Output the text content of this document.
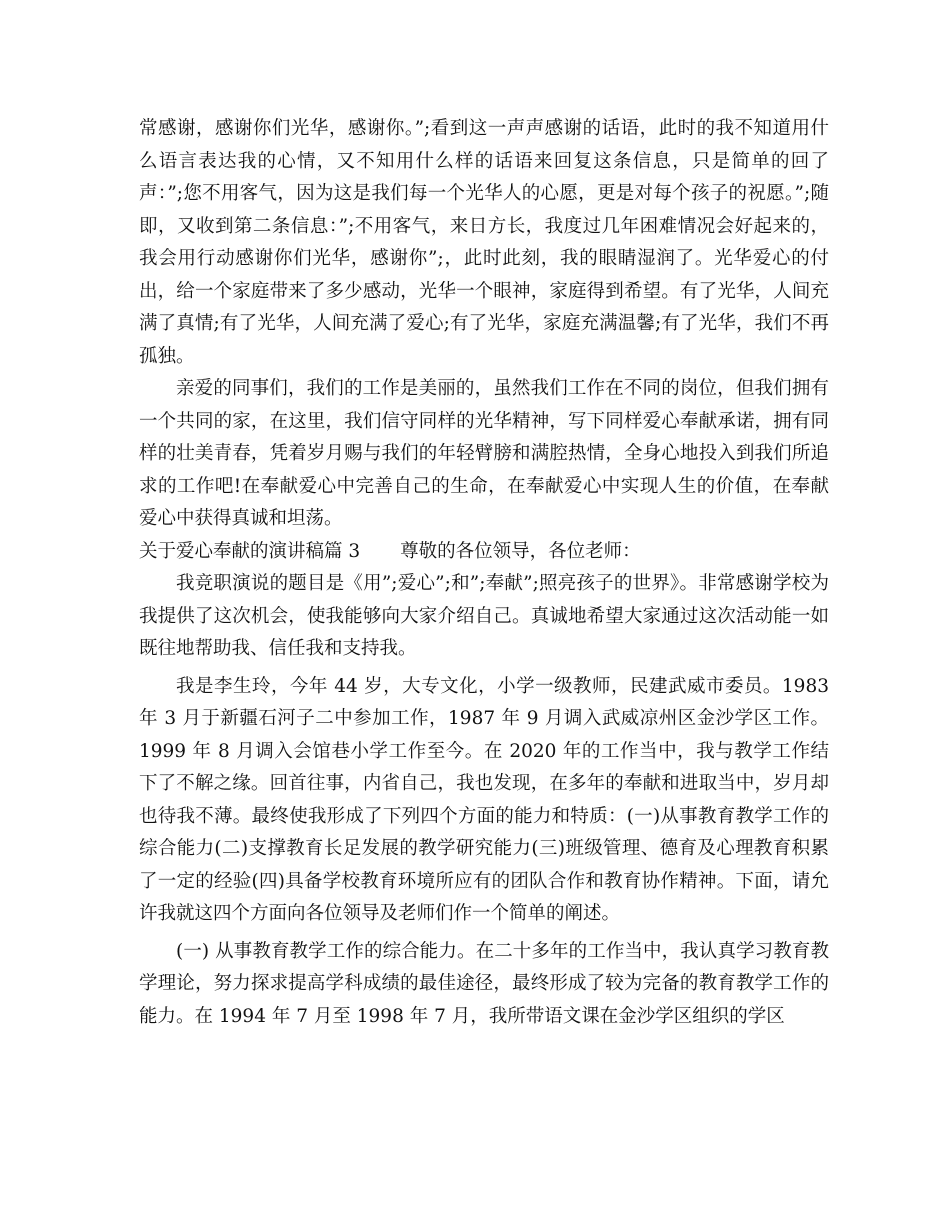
常感谢，感谢你们光华，感谢你。”;看到这一声声感谢的话语，此时的我不知道用什么语言表达我的心情，又不知用什么样的话语来回复这条信息，只是简单的回了声：”;您不用客气，因为这是我们每一个光华人的心愿，更是对每个孩子的祝愿。”;随即，又收到第二条信息：”;不用客气，来日方长，我度过几年困难情况会好起来的，我会用行动感谢你们光华，感谢你”;，此时此刻，我的眼睛湿润了。光华爱心的付出，给一个家庭带来了多少感动，光华一个眼神，家庭得到希望。有了光华，人间充满了真情;有了光华，人间充满了爱心;有了光华，家庭充满温馨;有了光华，我们不再孤独。

亲爱的同事们，我们的工作是美丽的，虽然我们工作在不同的岗位，但我们拥有一个共同的家，在这里，我们信守同样的光华精神，写下同样爱心奉献承诺，拥有同样的壮美青春，凭着岁月赐与我们的年轻臂膀和满腔热情，全身心地投入到我们所追求的工作吧!在奉献爱心中完善自己的生命，在奉献爱心中实现人生的价值，在奉献爱心中获得真诚和坦荡。

关于爱心奉献的演讲稿篇 3 尊敬的各位领导，各位老师：

我竞职演说的题目是《用”;爱心”;和”;奉献”;照亮孩子的世界》。非常感谢学校为我提供了这次机会，使我能够向大家介绍自己。真诚地希望大家通过这次活动能一如既往地帮助我、信任我和支持我。

我是李生玲，今年 44 岁，大专文化，小学一级教师，民建武威市委员。1983 年 3 月于新疆石河子二中参加工作，1987 年 9 月调入武威凉州区金沙学区工作。1999 年 8 月调入会馆巷小学工作至今。在 2020 年的工作当中，我与教学工作结下了不解之缘。回首往事，内省自己，我也发现，在多年的奉献和进取当中，岁月却也待我不薄。最终使我形成了下列四个方面的能力和特质：(一)从事教育教学工作的综合能力(二)支撑教育长足发展的教学研究能力(三)班级管理、德育及心理教育积累了一定的经验(四)具备学校教育环境所应有的团队合作和教育协作精神。下面，请允许我就这四个方面向各位领导及老师们作一个简单的阐述。

(一) 从事教育教学工作的综合能力。在二十多年的工作当中，我认真学习教育教学理论，努力探求提高学科成绩的最佳途径，最终形成了较为完备的教育教学工作的能力。在 1994 年 7 月至 1998 年 7 月，我所带语文课在金沙学区组织的学区
